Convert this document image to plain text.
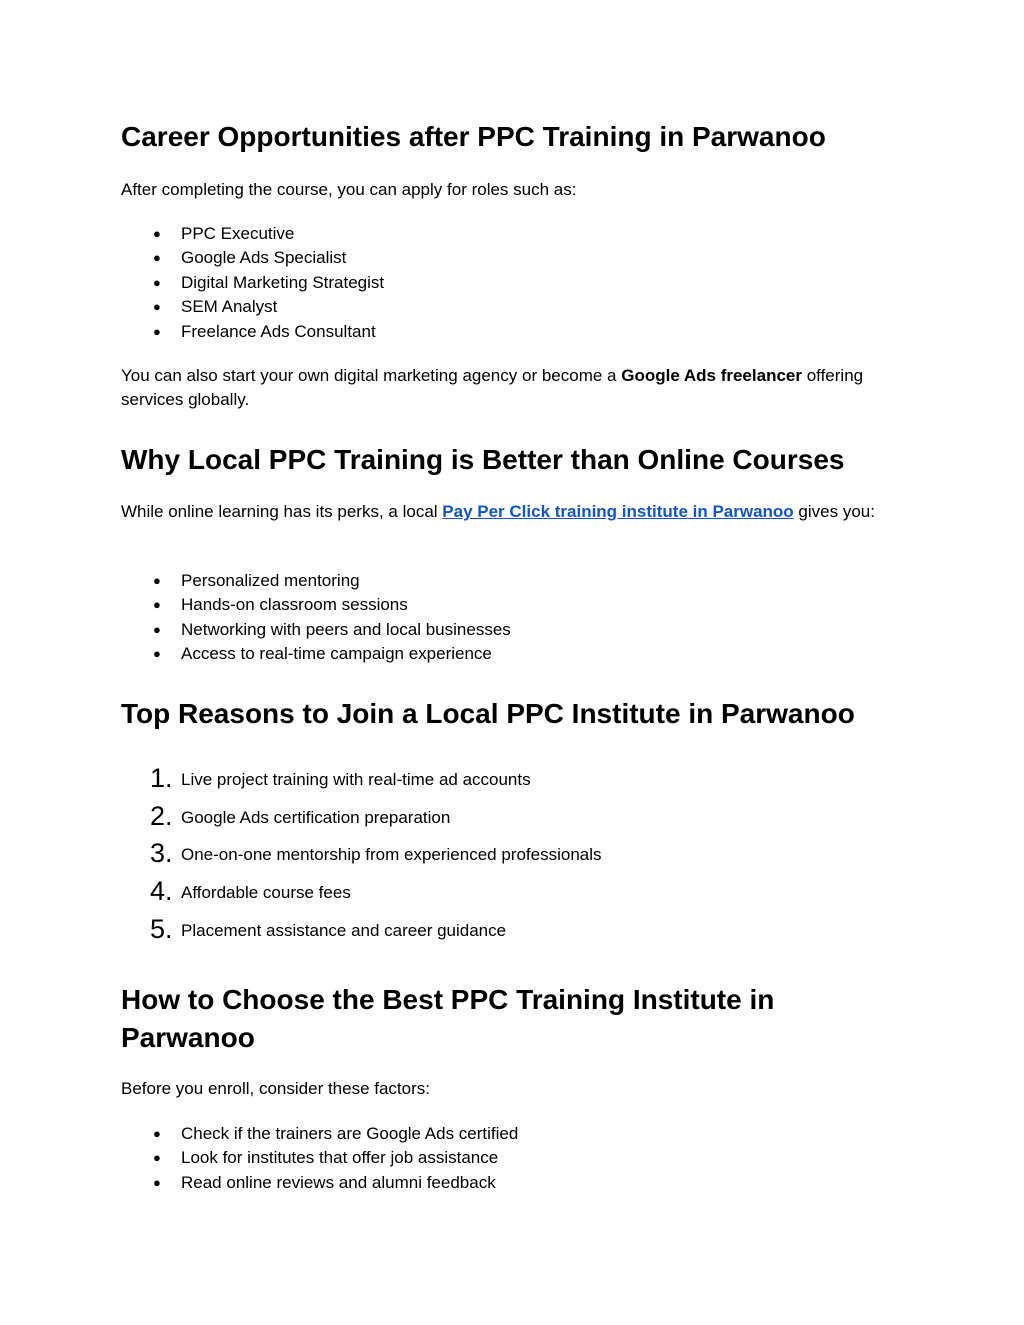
Career Opportunities after PPC Training in Parwanoo

After completing the course, you can apply for roles such as:

● PPC Executive
● Google Ads Specialist
● Digital Marketing Strategist
● SEM Analyst
● Freelance Ads Consultant

You can also start your own digital marketing agency or become a Google Ads freelancer offering services globally.

Why Local PPC Training is Better than Online Courses

While online learning has its perks, a local Pay Per Click training institute in Parwanoo gives you:

● Personalized mentoring
● Hands-on classroom sessions
● Networking with peers and local businesses
● Access to real-time campaign experience
Top Reasons to Join a Local PPC Institute in Parwanoo
1. Live project training with real-time ad accounts
2. Google Ads certification preparation
3. One-on-one mentorship from experienced professionals
4. Affordable course fees
5. Placement assistance and career guidance
How to Choose the Best PPC Training Institute in Parwanoo

Before you enroll, consider these factors:

● Check if the trainers are Google Ads certified
● Look for institutes that offer job assistance
● Read online reviews and alumni feedback
